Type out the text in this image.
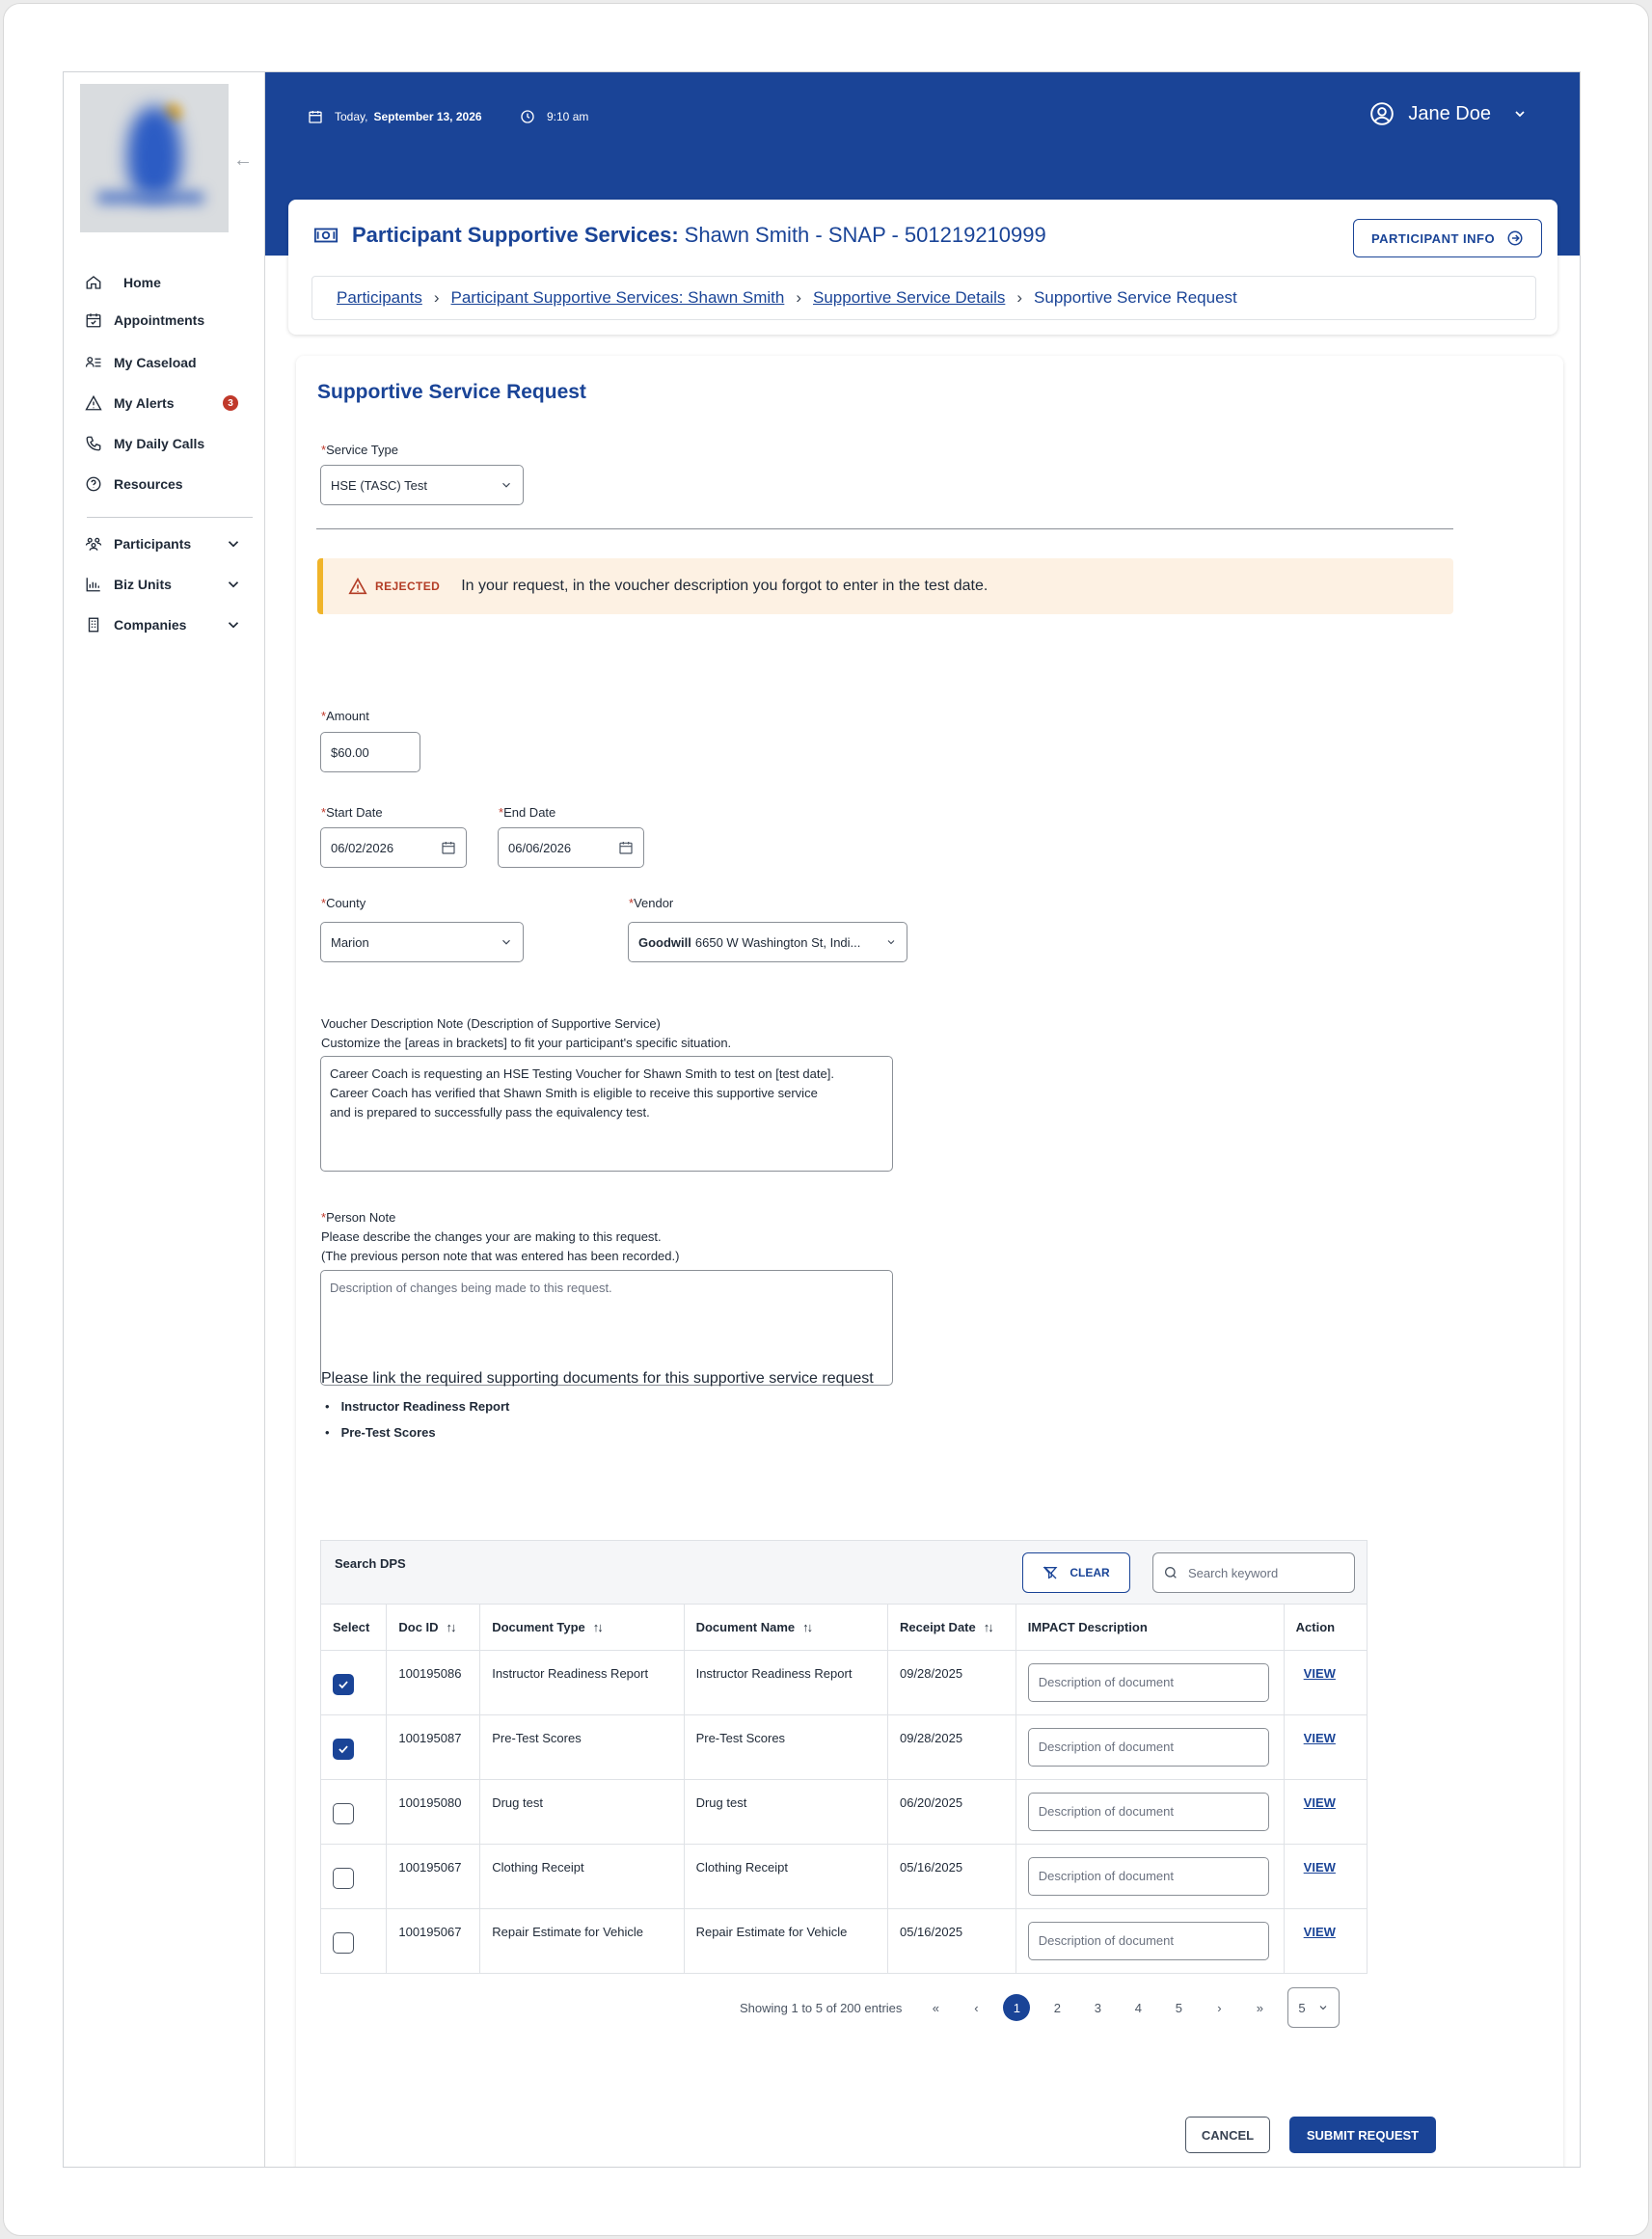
←
Home
Appointments
My Caseload
My Alerts	3
My Daily Calls
Resources
Participants
Biz Units
Companies
Today, September 13, 2026	9:10 am	Jane Doe
Participant Supportive Services: Shawn Smith - SNAP - 501219210999	PARTICIPANT INFO
Participants › Participant Supportive Services: Shawn Smith › Supportive Service Details › Supportive Service Request
Supportive Service Request
*Service Type
HSE (TASC) Test
REJECTED In your request, in the voucher description you forgot to enter in the test date.
*Amount
$60.00
*Start Date
06/02/2026
*End Date
06/06/2026
*County
Marion
*Vendor
Goodwill 6650 W Washington St, Indi...
Voucher Description Note (Description of Supportive Service)
Customize the [areas in brackets] to fit your participant's specific situation.
Career Coach is requesting an HSE Testing Voucher for Shawn Smith to test on [test date].
Career Coach has verified that Shawn Smith is eligible to receive this supportive service
and is prepared to successfully pass the equivalency test.
*Person Note
Please describe the changes your are making to this request.
(The previous person note that was entered has been recorded.)
Description of changes being made to this request.
Please link the required supporting documents for this supportive service request
• Instructor Readiness Report
• Pre-Test Scores
Search DPS
CLEAR	Search keyword
Select	Doc ID ↑↓	Document Type ↑↓	Document Name ↑↓	Receipt Date ↑↓	IMPACT Description	Action

	100195086	Instructor Readiness Report	Instructor Readiness Report	09/28/2025	Description of document	VIEW

	100195087	Pre-Test Scores	Pre-Test Scores	09/28/2025	Description of document	VIEW

	100195080	Drug test	Drug test	06/20/2025	Description of document	VIEW

	100195067	Clothing Receipt	Clothing Receipt	05/16/2025	Description of document	VIEW

	100195067	Repair Estimate for Vehicle	Repair Estimate for Vehicle	05/16/2025	Description of document	VIEW
Showing 1 to 5 of 200 entries	«	‹	1	2	3	4	5	›	»	5
CANCEL	SUBMIT REQUEST
